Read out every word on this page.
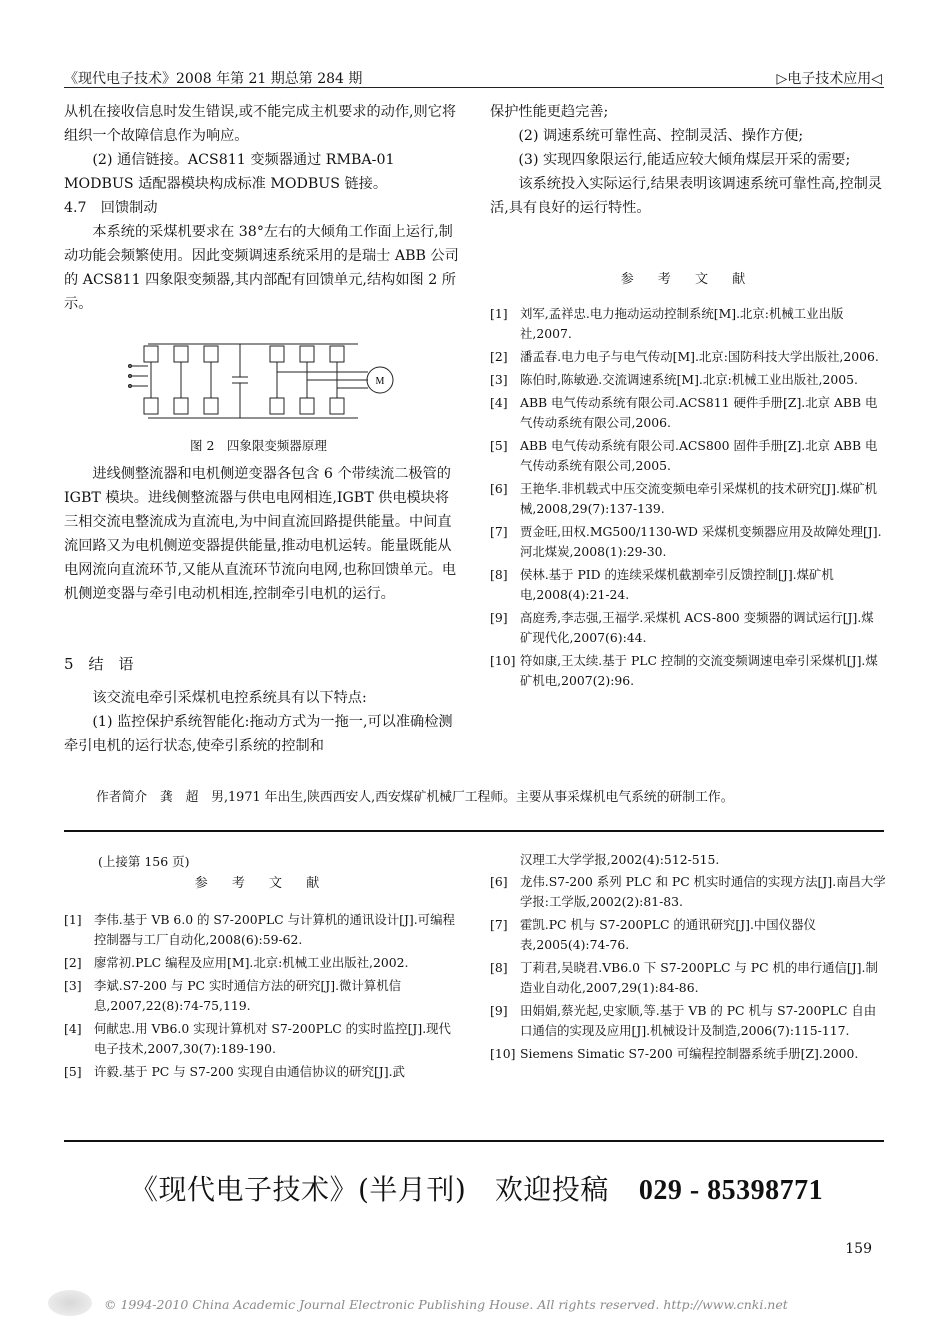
《现代电子技术》2008 年第 21 期总第 284 期	▷电子技术应用◁

从机在接收信息时发生错误,或不能完成主机要求的动作,则它将组织一个故障信息作为响应。

(2) 通信链接。ACS811 变频器通过 RMBA-01 MODBUS 适配器模块构成标准 MODBUS 链接。

4.7　回馈制动

本系统的采煤机要求在 38°左右的大倾角工作面上运行,制动功能会频繁使用。因此变频调速系统采用的是瑞士 ABB 公司的 ACS811 四象限变频器,其内部配有回馈单元,结构如图 2 所示。

M
图 2　四象限变频器原理

进线侧整流器和电机侧逆变器各包含 6 个带续流二极管的 IGBT 模块。进线侧整流器与供电电网相连,IGBT 供电模块将三相交流电整流成为直流电,为中间直流回路提供能量。中间直流回路又为电机侧逆变器提供能量,推动电机运转。能量既能从电网流向直流环节,又能从直流环节流向电网,也称回馈单元。电机侧逆变器与牵引电动机相连,控制牵引电机的运行。

5　结　语

该交流电牵引采煤机电控系统具有以下特点:

(1) 监控保护系统智能化:拖动方式为一拖一,可以准确检测牵引电机的运行状态,使牵引系统的控制和

保护性能更趋完善;

(2) 调速系统可靠性高、控制灵活、操作方便;

(3) 实现四象限运行,能适应较大倾角煤层开采的需要;

该系统投入实际运行,结果表明该调速系统可靠性高,控制灵活,具有良好的运行特性。

参 考 文 献
[1]	刘军,孟祥忠.电力拖动运动控制系统[M].北京:机械工业出版社,2007.
[2]	潘孟春.电力电子与电气传动[M].北京:国防科技大学出版社,2006.
[3]	陈伯时,陈敏逊.交流调速系统[M].北京:机械工业出版社,2005.
[4]	ABB 电气传动系统有限公司.ACS811 硬件手册[Z].北京 ABB 电气传动系统有限公司,2006.
[5]	ABB 电气传动系统有限公司.ACS800 固件手册[Z].北京 ABB 电气传动系统有限公司,2005.
[6]	王艳华.非机载式中压交流变频电牵引采煤机的技术研究[J].煤矿机械,2008,29(7):137-139.
[7]	贾金旺,田权.MG500/1130-WD 采煤机变频器应用及故障处理[J].河北煤炭,2008(1):29-30.
[8]	侯林.基于 PID 的连续采煤机截割牵引反馈控制[J].煤矿机电,2008(4):21-24.
[9]	高庭秀,李志强,王福学.采煤机 ACS-800 变频器的调试运行[J].煤矿现代化,2007(6):44.
[10] 符如康,王太续.基于 PLC 控制的交流变频调速电牵引采煤机[J].煤矿机电,2007(2):96.
作者简介　龚　超　男,1971 年出生,陕西西安人,西安煤矿机械厂工程师。主要从事采煤机电气系统的研制工作。
(上接第 156 页)
参 考 文 献
[1]	李伟.基于 VB 6.0 的 S7-200PLC 与计算机的通讯设计[J].可编程控制器与工厂自动化,2008(6):59-62.
[2]	廖常初.PLC 编程及应用[M].北京:机械工业出版社,2002.
[3]	李斌.S7-200 与 PC 实时通信方法的研究[J].微计算机信息,2007,22(8):74-75,119.
[4]	何献忠.用 VB6.0 实现计算机对 S7-200PLC 的实时监控[J].现代电子技术,2007,30(7):189-190.
[5]	许毅.基于 PC 与 S7-200 实现自由通信协议的研究[J].武
汉理工大学学报,2002(4):512-515.
[6]	龙伟.S7-200 系列 PLC 和 PC 机实时通信的实现方法[J].南昌大学学报:工学版,2002(2):81-83.
[7]	霍凯.PC 机与 S7-200PLC 的通讯研究[J].中国仪器仪表,2005(4):74-76.
[8]	丁莉君,吴晓君.VB6.0 下 S7-200PLC 与 PC 机的串行通信[J].制造业自动化,2007,29(1):84-86.
[9]	田娟娟,蔡光起,史家顺,等.基于 VB 的 PC 机与 S7-200PLC 自由口通信的实现及应用[J].机械设计及制造,2006(7):115-117.
[10] Siemens Simatic S7-200 可编程控制器系统手册[Z].2000.
《现代电子技术》(半月刊)　欢迎投稿 029 - 85398771
159
© 1994-2010 China Academic Journal Electronic Publishing House. All rights reserved. http://www.cnki.net
